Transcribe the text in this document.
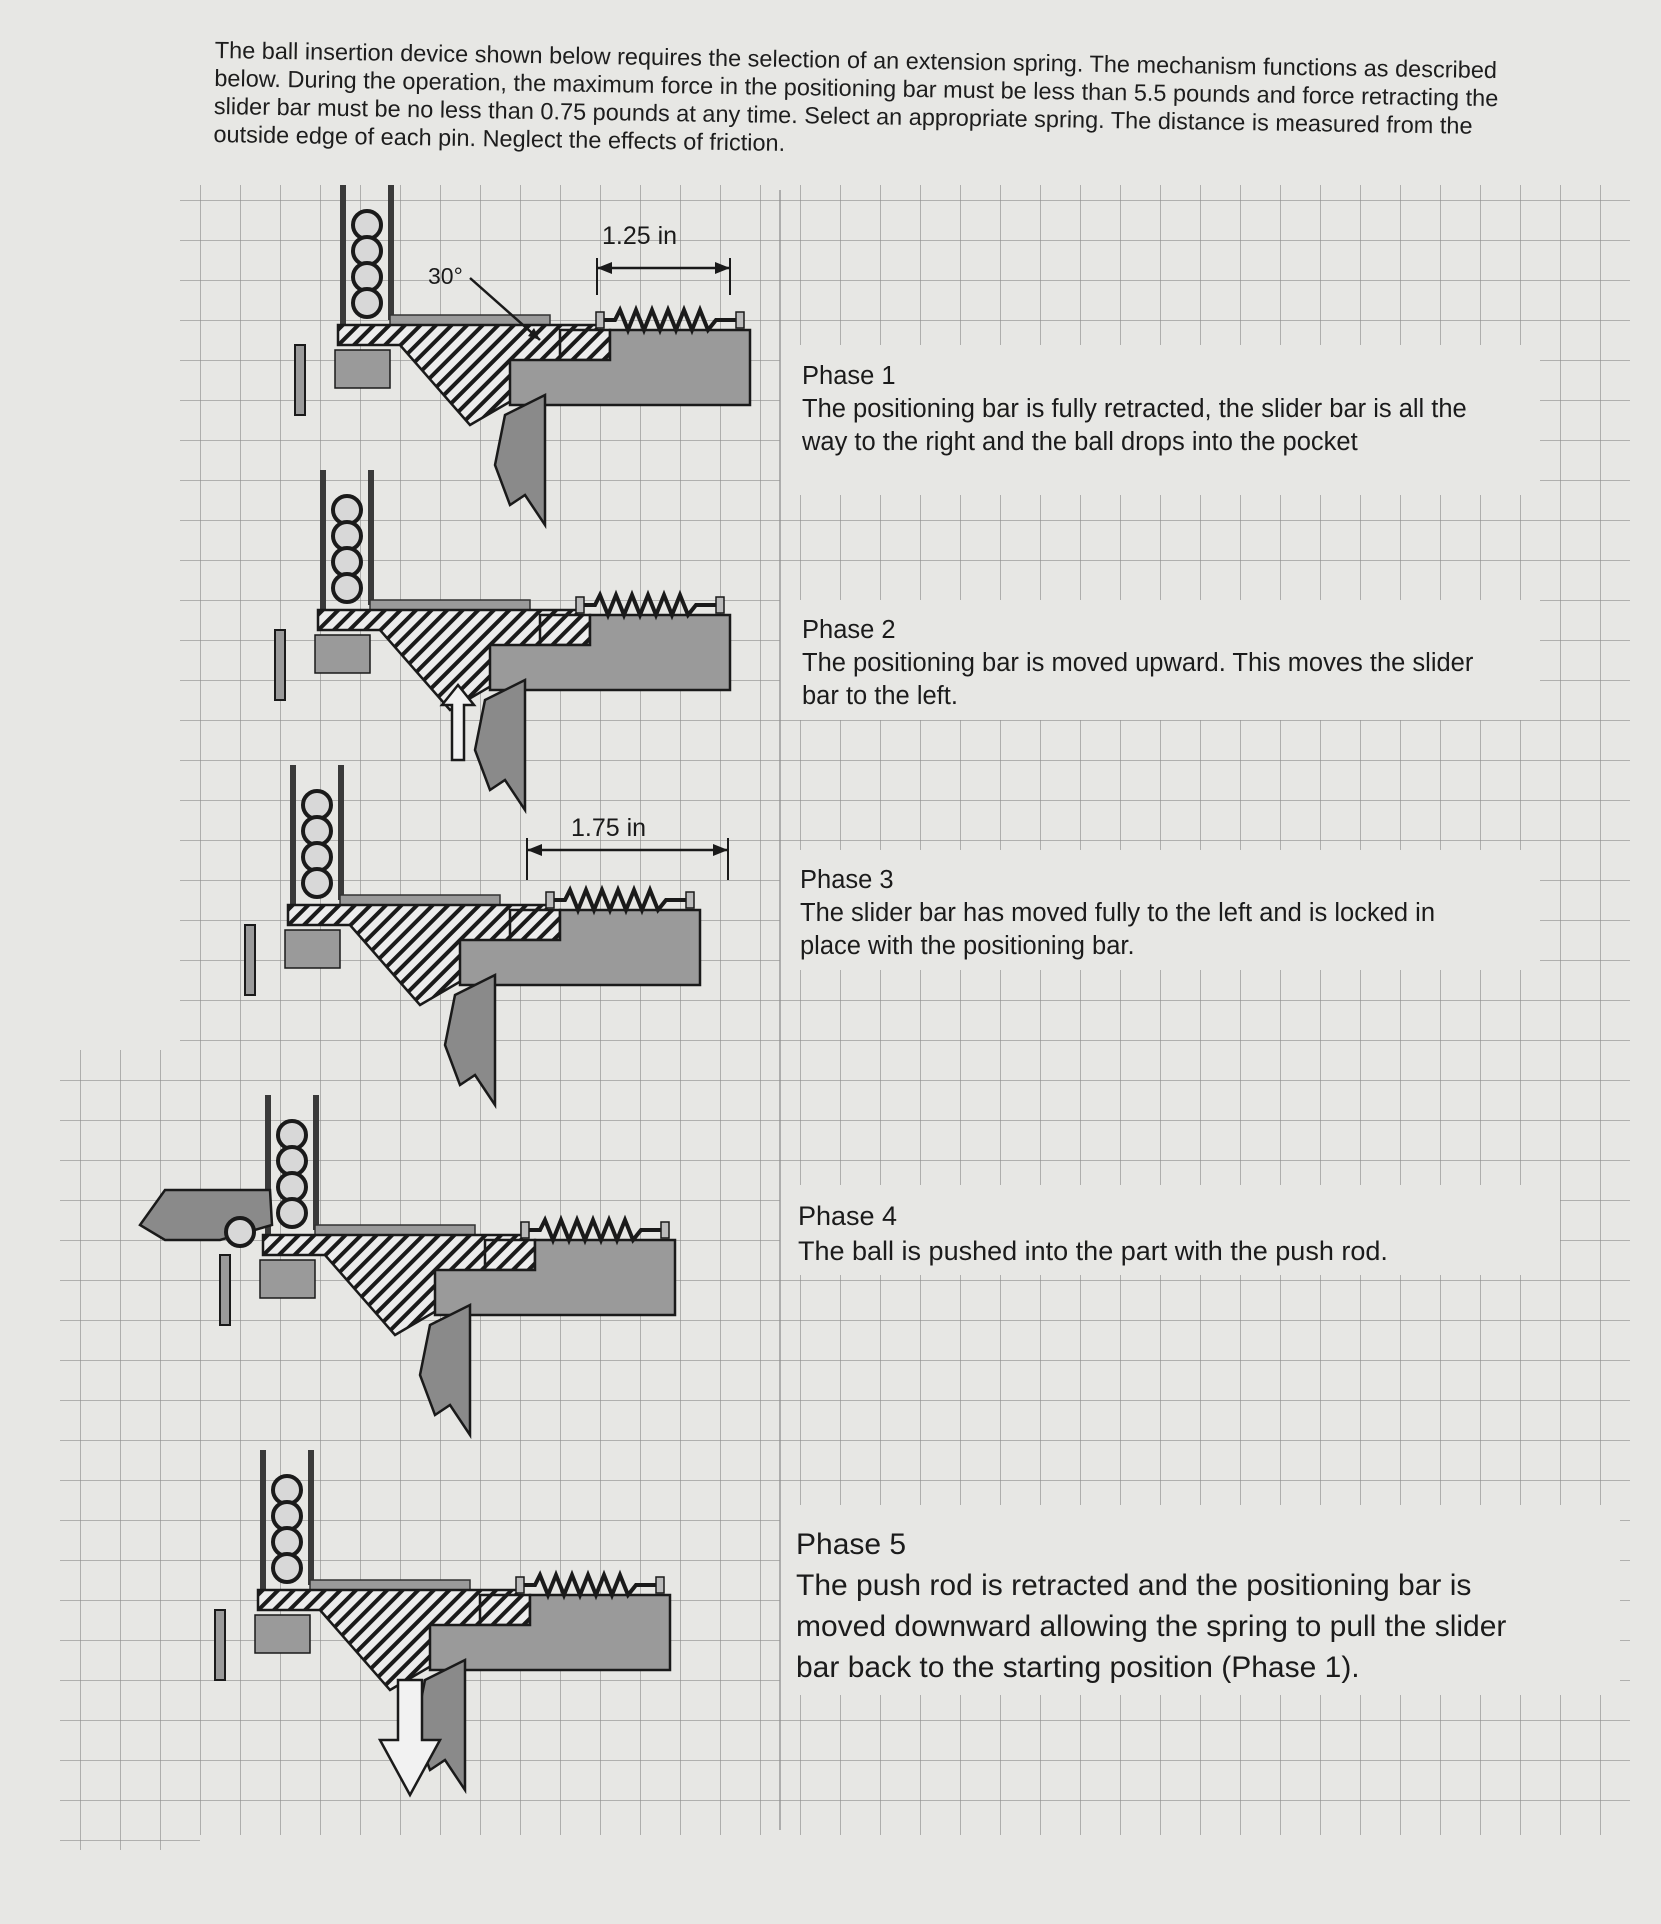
30°
1.25 in
1.75 in

The ball insertion device shown below requires the selection of an extension spring. The mechanism functions as described below. During the operation, the maximum force in the positioning bar must be less than 5.5 pounds and force retracting the slider bar must be no less than 0.75 pounds at any time. Select an appropriate spring. The distance is measured from the outside edge of each pin. Neglect the effects of friction.

Phase 1
The positioning bar is fully retracted, the slider bar is all the way to the right and the ball drops into the pocket
Phase 2
The positioning bar is moved upward. This moves the slider bar to the left.
Phase 3
The slider bar has moved fully to the left and is locked in place with the positioning bar.
Phase 4
The ball is pushed into the part with the push rod.
Phase 5
The push rod is retracted and the positioning bar is moved downward allowing the spring to pull the slider bar back to the starting position (Phase 1).
